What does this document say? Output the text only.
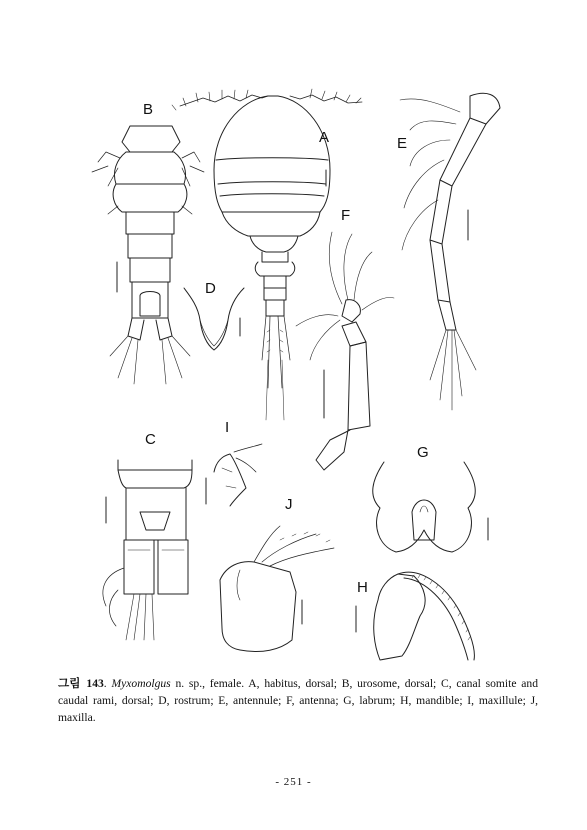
B
A	E
F
D
I
C
G
J
H
그림 143. Myxomolgus n. sp., female. A, habitus, dorsal; B, urosome, dorsal; C, canal somite and caudal rami, dorsal; D, rostrum; E, antennule; F, antenna; G, labrum; H, mandible; I, maxillule; J, maxilla.
- 251 -
